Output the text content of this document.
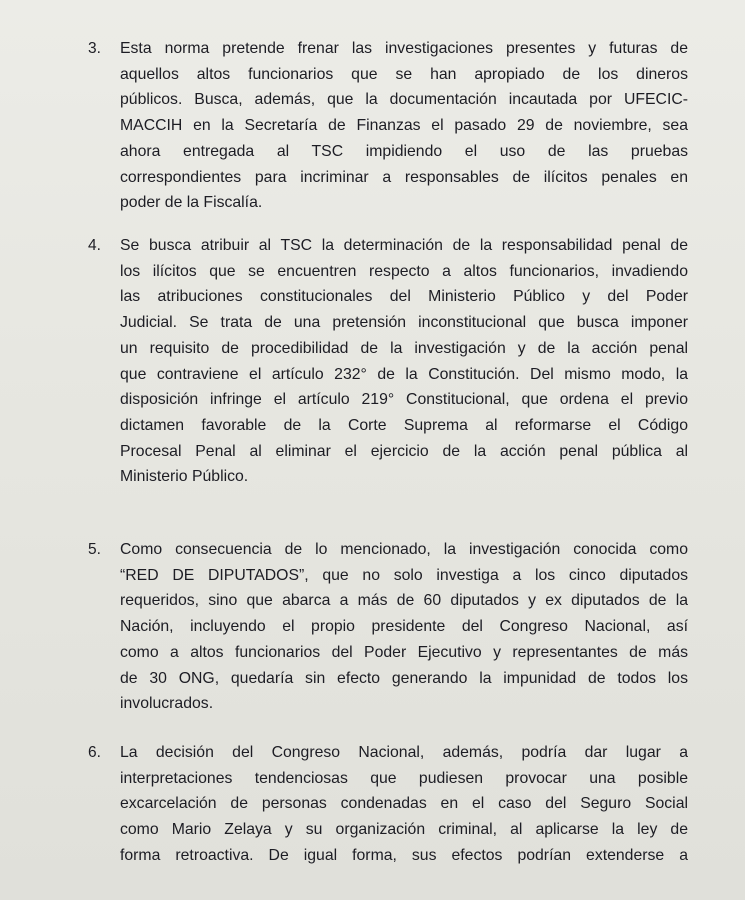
3.	Esta norma pretende frenar las investigaciones presentes y futuras de
aquellos altos funcionarios que se han apropiado de los dineros
públicos. Busca, además, que la documentación incautada por UFECIC-
MACCIH en la Secretaría de Finanzas el pasado 29 de noviembre, sea
ahora entregada al TSC impidiendo el uso de las pruebas
correspondientes para incriminar a responsables de ilícitos penales en
poder de la Fiscalía.
4.	Se busca atribuir al TSC la determinación de la responsabilidad penal de
los ilícitos que se encuentren respecto a altos funcionarios, invadiendo
las atribuciones constitucionales del Ministerio Público y del Poder
Judicial. Se trata de una pretensión inconstitucional que busca imponer
un requisito de procedibilidad de la investigación y de la acción penal
que contraviene el artículo 232° de la Constitución. Del mismo modo, la
disposición infringe el artículo 219° Constitucional, que ordena el previo
dictamen favorable de la Corte Suprema al reformarse el Código
Procesal Penal al eliminar el ejercicio de la acción penal pública al
Ministerio Público.
5.	Como consecuencia de lo mencionado, la investigación conocida como
“RED DE DIPUTADOS”, que no solo investiga a los cinco diputados
requeridos, sino que abarca a más de 60 diputados y ex diputados de la
Nación, incluyendo el propio presidente del Congreso Nacional, así
como a altos funcionarios del Poder Ejecutivo y representantes de más
de 30 ONG, quedaría sin efecto generando la impunidad de todos los
involucrados.
6.	La decisión del Congreso Nacional, además, podría dar lugar a
interpretaciones tendenciosas que pudiesen provocar una posible
excarcelación de personas condenadas en el caso del Seguro Social
como Mario Zelaya y su organización criminal, al aplicarse la ley de
forma retroactiva. De igual forma, sus efectos podrían extenderse a
